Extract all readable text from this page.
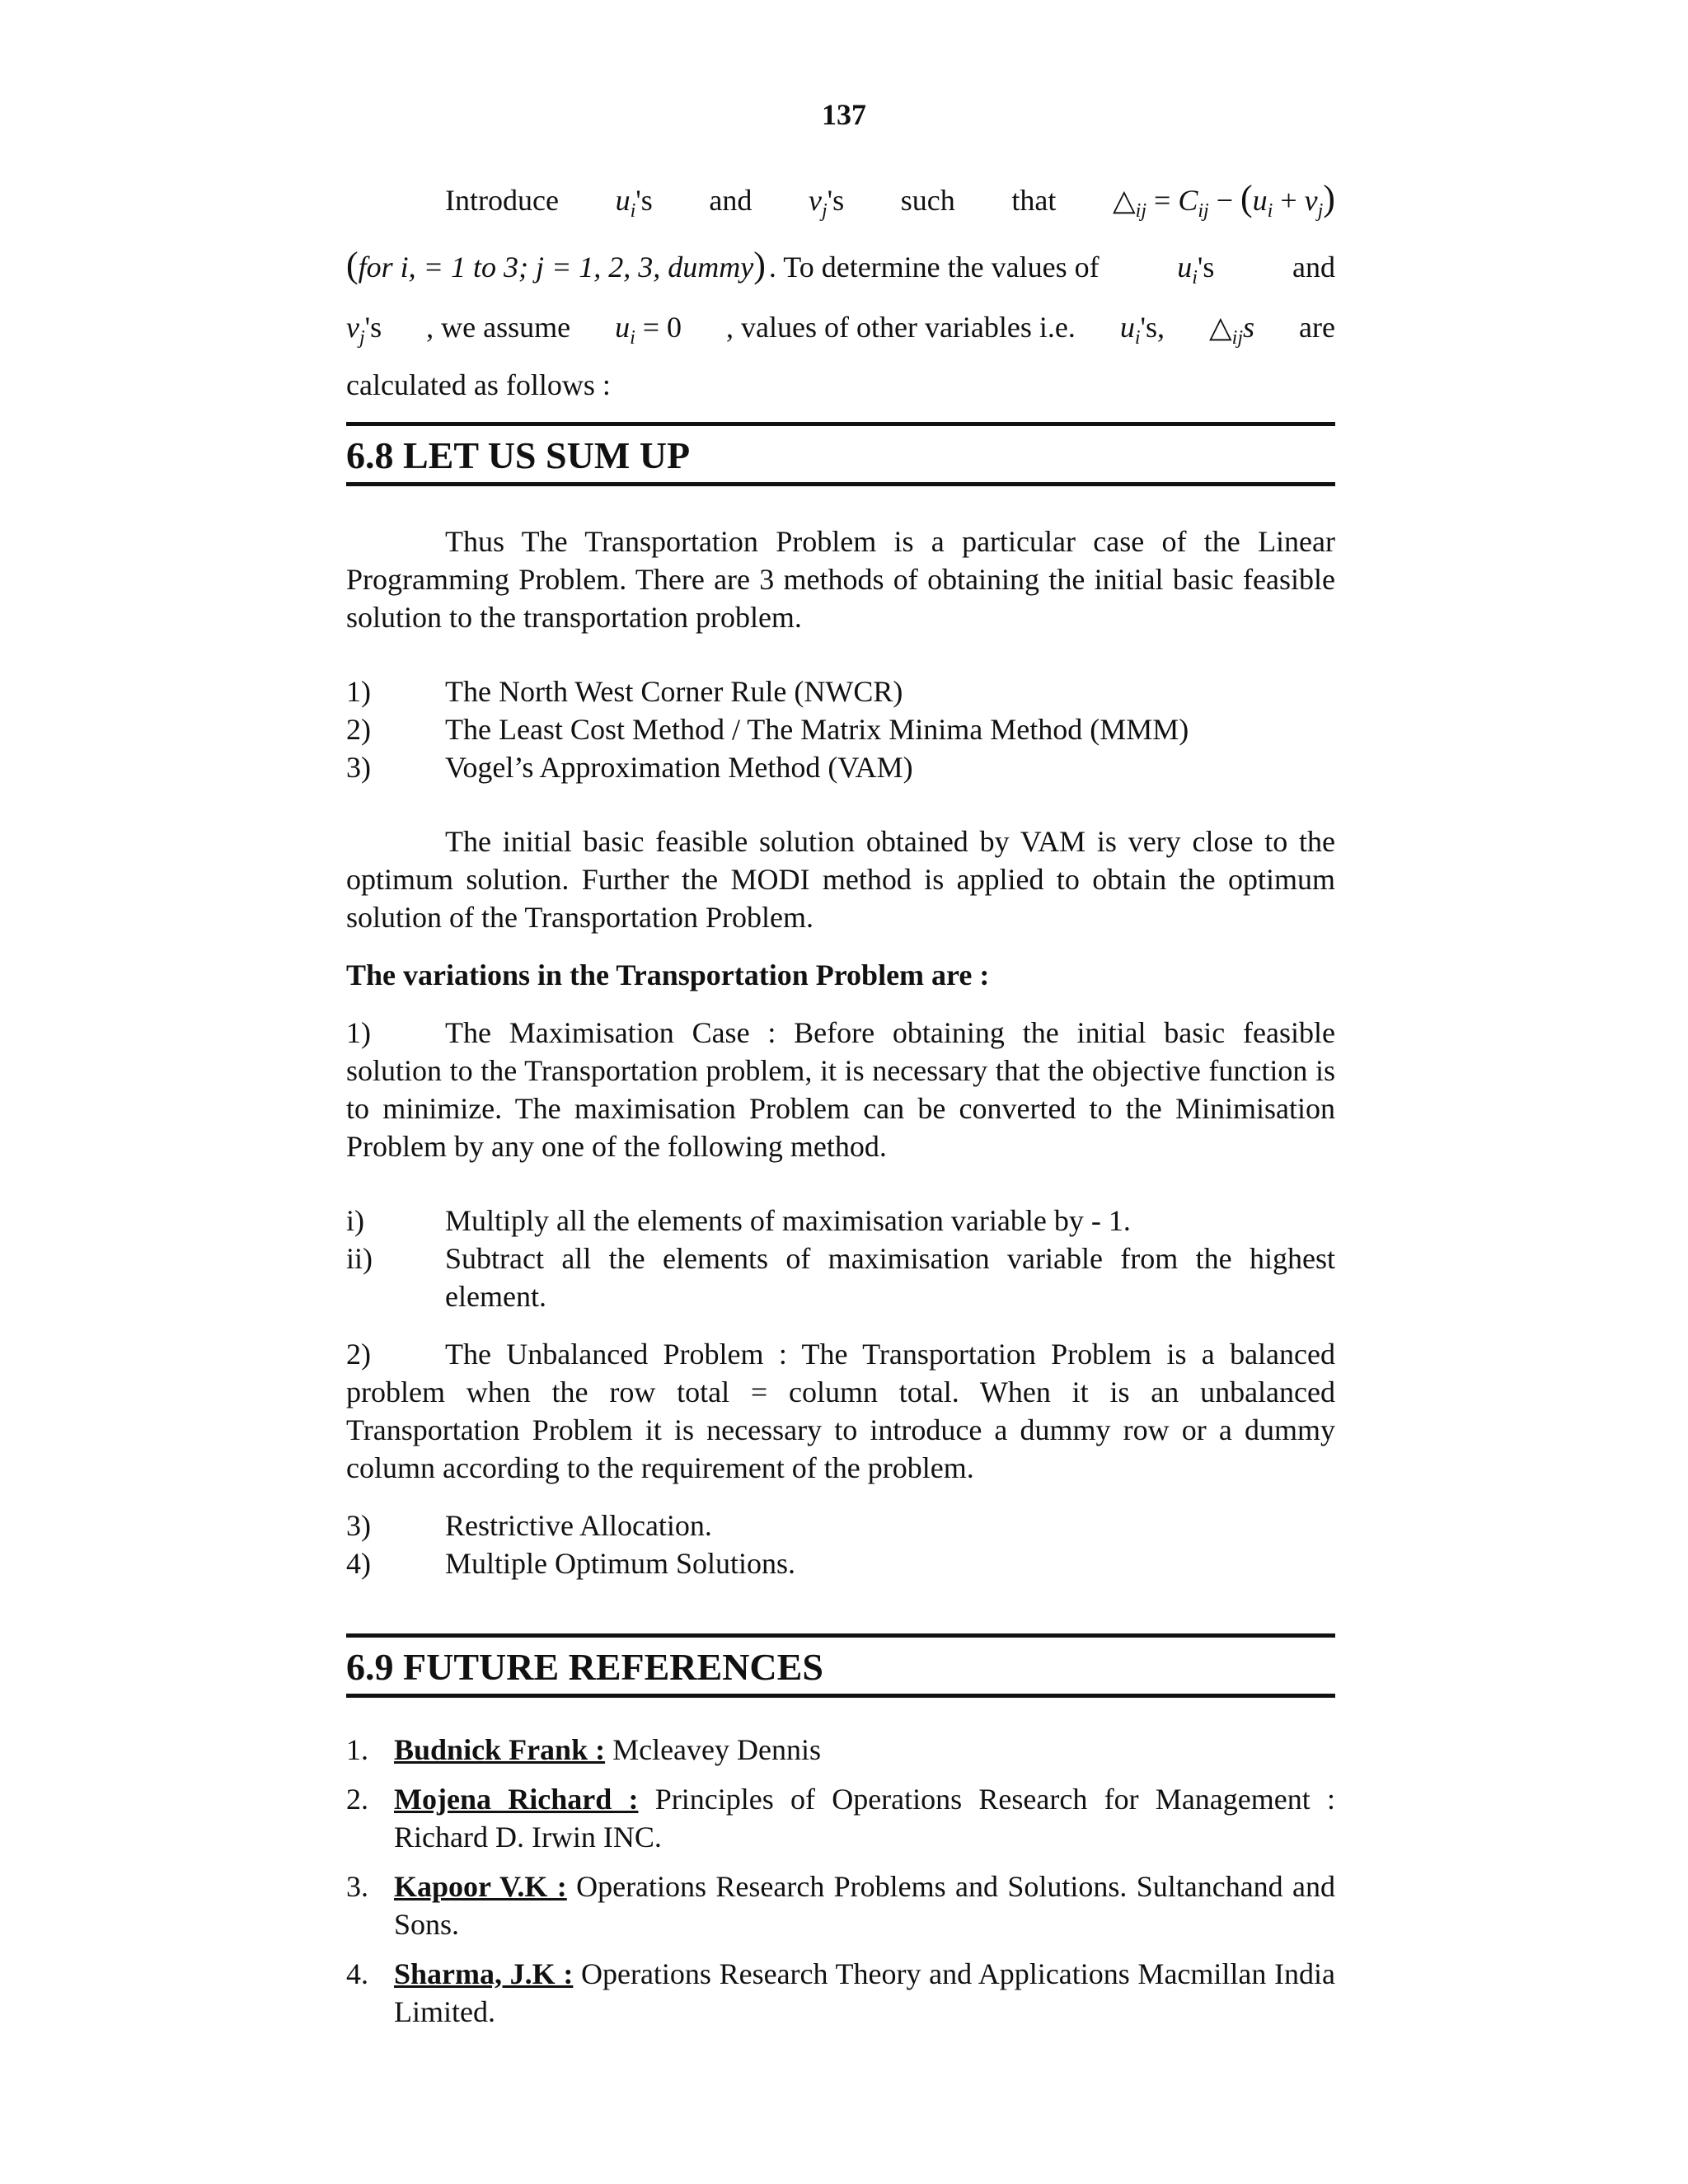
137
Introduce $u_i's$ and $v_j's$ such that $\triangle_{ij} = C_{ij} - (u_i + v_j)$
(for i, = 1 to 3; j = 1, 2, 3, dummy) . To determine the values of	$u_i's$	and
$v_j's$ , we assume $u_i = 0$ , values of other variables i.e. $u_i's$, $\triangle_{ij}s$ are
calculated as follows :
6.8 LET US SUM UP
Thus The Transportation Problem is a particular case of the Linear Programming Problem. There are 3 methods of obtaining the initial basic feasible solution to the transportation problem.
1)	The North West Corner Rule (NWCR)
2)	The Least Cost Method / The Matrix Minima Method (MMM)
3)	Vogel’s Approximation Method (VAM)
The initial basic feasible solution obtained by VAM is very close to the optimum solution. Further the MODI method is applied to obtain the optimum solution of the Transportation Problem.
The variations in the Transportation Problem are :
1)	The Maximisation Case : Before obtaining the initial basic feasible solution to the Transportation problem, it is necessary that the objective function is to minimize. The maximisation Problem can be converted to the Minimisation Problem by any one of the following method.
i)	Multiply all the elements of maximisation variable by - 1.
ii)	Subtract all the elements of maximisation variable from the highest element.
2)	The Unbalanced Problem : The Transportation Problem is a balanced problem when the row total = column total. When it is an unbalanced Transportation Problem it is necessary to introduce a dummy row or a dummy column according to the requirement of the problem.
3)	Restrictive Allocation.
4)	Multiple Optimum Solutions.
6.9 FUTURE REFERENCES
1. Budnick Frank : Mcleavey Dennis
2. Mojena Richard : Principles of Operations Research for Management : Richard D. Irwin INC.
3. Kapoor V.K : Operations Research Problems and Solutions. Sultanchand and Sons.
4. Sharma, J.K : Operations Research Theory and Applications Macmillan India Limited.
